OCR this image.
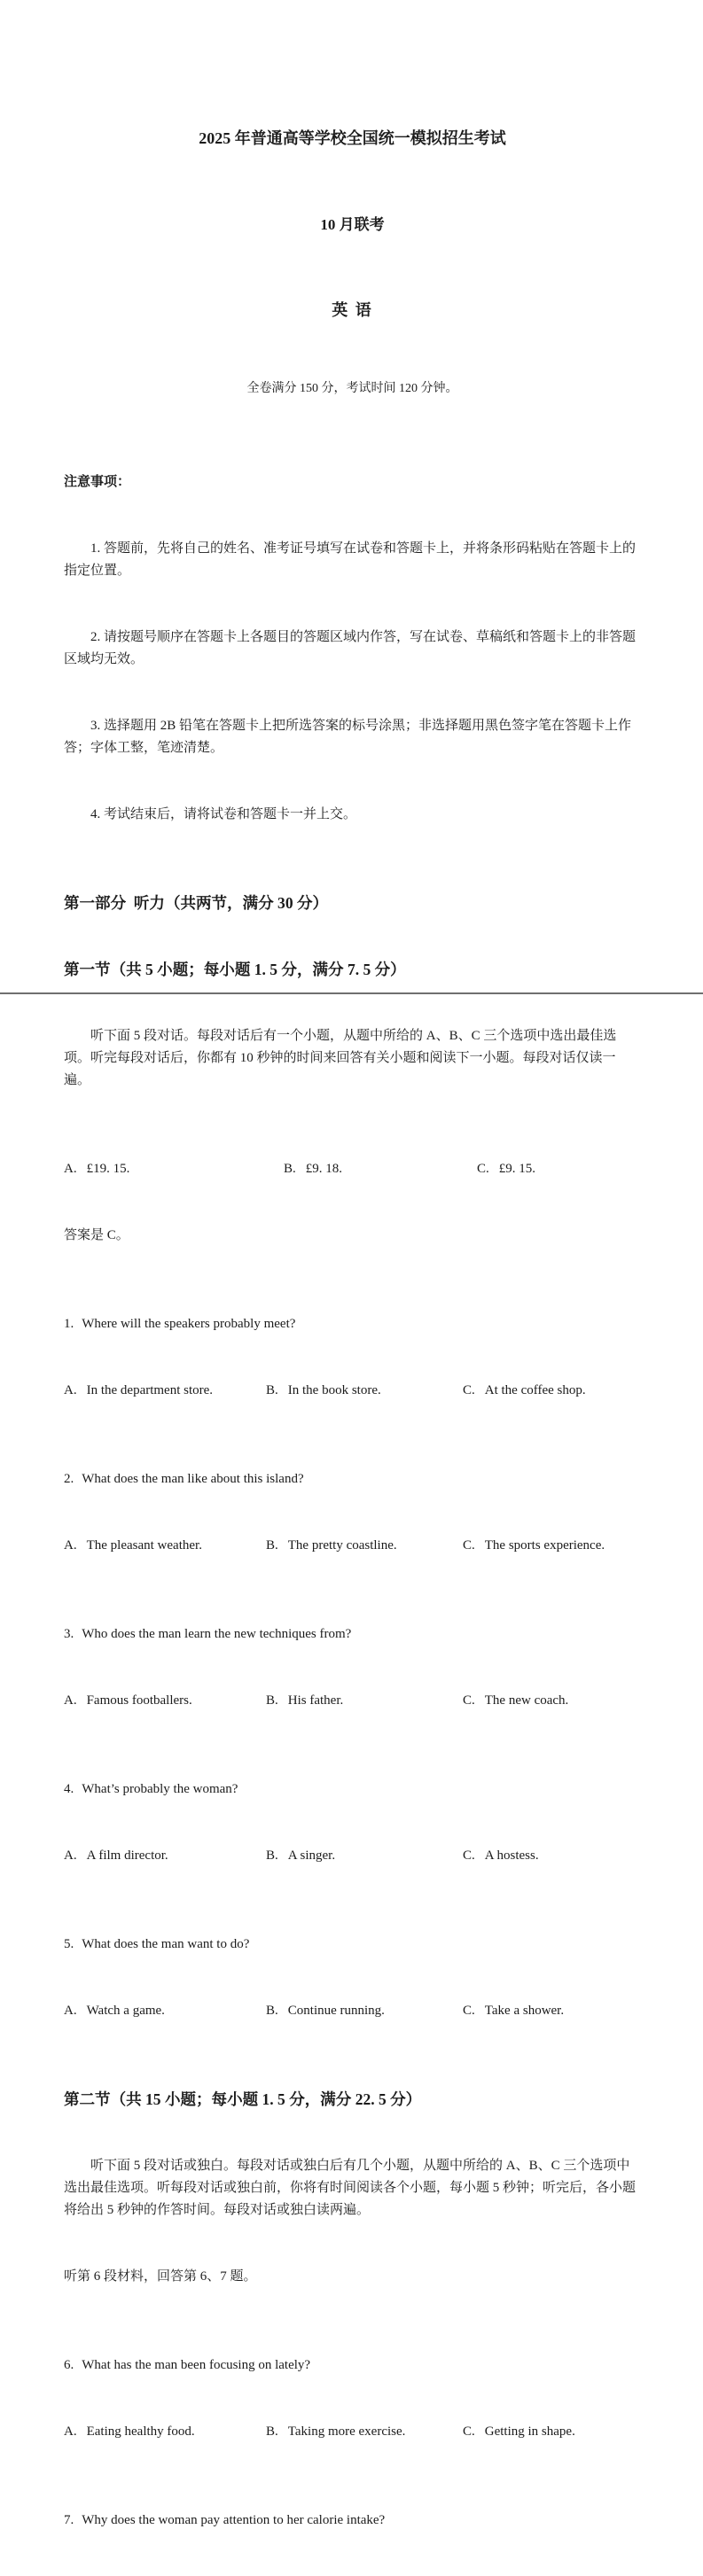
2025 年普通高等学校全国统一模拟招生考试

10 月联考

英 语

全卷满分 150 分，考试时间 120 分钟。

注意事项：

1. 答题前，先将自己的姓名、准考证号填写在试卷和答题卡上，并将条形码粘贴在答题卡上的指定位置。

2. 请按题号顺序在答题卡上各题目的答题区域内作答，写在试卷、草稿纸和答题卡上的非答题区域均无效。

3. 选择题用 2B 铅笔在答题卡上把所选答案的标号涂黑；非选择题用黑色签字笔在答题卡上作答；字体工整，笔迹清楚。

4. 考试结束后，请将试卷和答题卡一并上交。

第一部分  听力（共两节，满分 30 分）

第一节（共 5 小题；每小题 1. 5 分，满分 7. 5 分）

听下面 5 段对话。每段对话后有一个小题，从题中所给的 A、B、C 三个选项中选出最佳选项。听完每段对话后，你都有 10 秒钟的时间来回答有关小题和阅读下一小题。每段对话仅读一遍。

A. £19. 15.	B. £9. 18.	C. £9. 15.

答案是 C。

1. Where will the speakers probably meet?

A. In the department store.	B. In the book store.	C. At the coffee shop.

2. What does the man like about this island?

A. The pleasant weather.	B. The pretty coastline.	C. The sports experience.

3. Who does the man learn the new techniques from?

A. Famous footballers.	B. His father.	C. The new coach.

4. What’s probably the woman?

A. A film director.	B. A singer.	C. A hostess.

5. What does the man want to do?

A. Watch a game.	B. Continue running.	C. Take a shower.

第二节（共 15 小题；每小题 1. 5 分，满分 22. 5 分）

听下面 5 段对话或独白。每段对话或独白后有几个小题，从题中所给的 A、B、C 三个选项中选出最佳选项。听每段对话或独白前，你将有时间阅读各个小题，每小题 5 秒钟；听完后，各小题将给出 5 秒钟的作答时间。每段对话或独白读两遍。

听第 6 段材料，回答第 6、7 题。

6. What has the man been focusing on lately?

A. Eating healthy food.	B. Taking more exercise.	C. Getting in shape.

7. Why does the woman pay attention to her calorie intake?
